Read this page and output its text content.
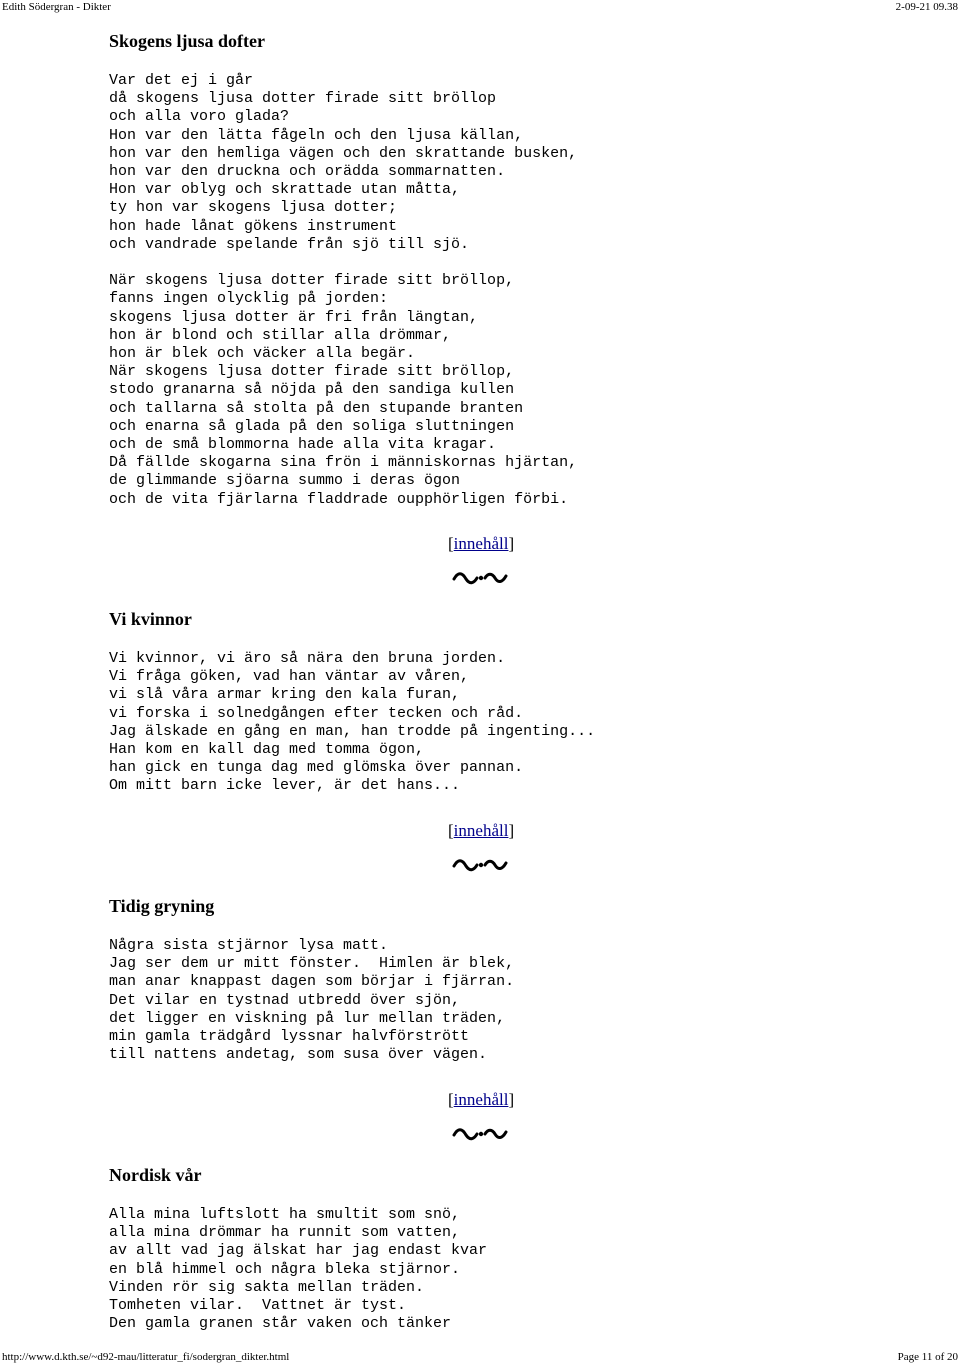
Edith Södergran - Dikter	2-09-21 09.38
Skogens ljusa dofter
Var det ej i går
då skogens ljusa dotter firade sitt bröllop
och alla voro glada?
Hon var den lätta fågeln och den ljusa källan,
hon var den hemliga vägen och den skrattande busken,
hon var den druckna och orädda sommarnatten.
Hon var oblyg och skrattade utan måtta,
ty hon var skogens ljusa dotter;
hon hade lånat gökens instrument
och vandrade spelande från sjö till sjö.

När skogens ljusa dotter firade sitt bröllop,
fanns ingen olycklig på jorden:
skogens ljusa dotter är fri från längtan,
hon är blond och stillar alla drömmar,
hon är blek och väcker alla begär.
När skogens ljusa dotter firade sitt bröllop,
stodo granarna så nöjda på den sandiga kullen
och tallarna så stolta på den stupande branten
och enarna så glada på den soliga sluttningen
och de små blommorna hade alla vita kragar.
Då fällde skogarna sina frön i människornas hjärtan,
de glimmande sjöarna summo i deras ögon
och de vita fjärlarna fladdrade oupphörligen förbi.
[innehåll]
Vi kvinnor
Vi kvinnor, vi äro så nära den bruna jorden.
Vi fråga göken, vad han väntar av våren,
vi slå våra armar kring den kala furan,
vi forska i solnedgången efter tecken och råd.
Jag älskade en gång en man, han trodde på ingenting...
Han kom en kall dag med tomma ögon,
han gick en tunga dag med glömska över pannan.
Om mitt barn icke lever, är det hans...
[innehåll]
Tidig gryning
Några sista stjärnor lysa matt.
Jag ser dem ur mitt fönster.  Himlen är blek,
man anar knappast dagen som börjar i fjärran.
Det vilar en tystnad utbredd över sjön,
det ligger en viskning på lur mellan träden,
min gamla trädgård lyssnar halvförstrött
till nattens andetag, som susa över vägen.
[innehåll]
Nordisk vår
Alla mina luftslott ha smultit som snö,
alla mina drömmar ha runnit som vatten,
av allt vad jag älskat har jag endast kvar
en blå himmel och några bleka stjärnor.
Vinden rör sig sakta mellan träden.
Tomheten vilar.  Vattnet är tyst.
Den gamla granen står vaken och tänker
http://www.d.kth.se/~d92-mau/litteratur_fi/sodergran_dikter.html	Page 11 of 20
